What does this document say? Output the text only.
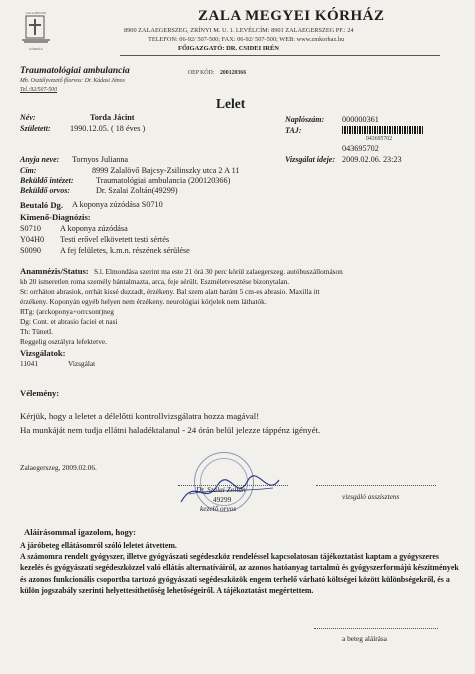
KÓRHÁZ
ZALA MEGYEI	ZALA MEGYEI KÓRHÁZ
8900 ZALAEGERSZEG, ZRÍNYI M. U. 1. LEVÉLCÍM: 8901 ZALAEGERSZEG PF.: 24
TELEFON: 06-92/ 507-500; FAX: 06-92/ 507-500; WEB: www.zmkorhaz.hu
FŐIGAZGATÓ: DR. CSIDEI IRÉN
Traumatológiai ambulancia	OEP KÓD: 200120366
Mb. Osztályvezető főorvos: Dr. Kádasi János
Tel.:92/507-500
Lelet
Név:	Torda Jácint
Született: 1990.12.05. ( 18 éves )
Naplószám: 000000361
TAJ:
043695702
043695702
Vizsgálat ideje: 2009.02.06. 23:23
Anyja neve: Tornyos Julianna
Cím:	8999 Zalalövő Bajcsy-Zsilinszky utca 2 A 11
Beküldő intézet:	Traumatológiai ambulancia (200120366)
Beküldő orvos:	Dr. Szalai Zoltán(49299)
Beutaló Dg. A koponya zúzódása S0710
Kimenő-Diagnózis:
S0710 A koponya zúzódása
Y04H0 Testi erővel elkövetett testi sértés
S0090 A fej felületes, k.m.n. részének sérülése
Anamnézis/Status: S.l. Elmondása szerint ma este 21 órá 30 perc körül zalaegerszeg. autóbuszállomáson
kb 20 ismeretlen roma személy bántalmazta, arca, feje sérült. Eszméletvesztése bizonytalan.
St: orrháton abrasiok, orrhát kissé duzzadt, érzékeny. Bal szem alatt haránt 5 cm-es abrasio. Maxilla itt
érzékeny. Koponyán egyéb helyen nem érzékeny. neurológiai körjelek nem láthatók.
RTg: (arckoponya+orrcsont)neg
Dg: Cont. et abrasio faciei et nasi
Th: TünetI.
Reggelig osztályra lefektetve.
Vizsgálatok:
11041	Vizsgálat
Vélemény:
Kérjük, hogy a leletet a délelőtti kontrollvizsgálatra hozza magával!
Ha munkáját nem tudja ellátni haladéktalanul - 24 órán belül jelezze táppénz igényét.
Zalaegerszeg, 2009.02.06.
Dr. Szalai Zoltán
49299
kezelő orvos
vizsgáló asszisztens
Aláírásommal igazolom, hogy:
A járóbeteg ellátásomról szóló leletet átvettem.
A számomra rendelt gyógyszer, illetve gyógyászati segédeszköz rendeléssel kapcsolatosan tájékoztatást kaptam a gyógyszeres kezelés és gyógyászati segédeszközzel való ellátás alternatíváiról, az azonos hatóanyag tartalmú és gyógyszerformájú készítmények és azonos funkcionális csoportba tartozó gyógyászati segédeszközök engem terhelő várható költségei között különbségekről, és a külön jogszabály szerinti helyettesíthetőség lehetőségeiről. A tájékoztatást megértettem.
a beteg aláírása
